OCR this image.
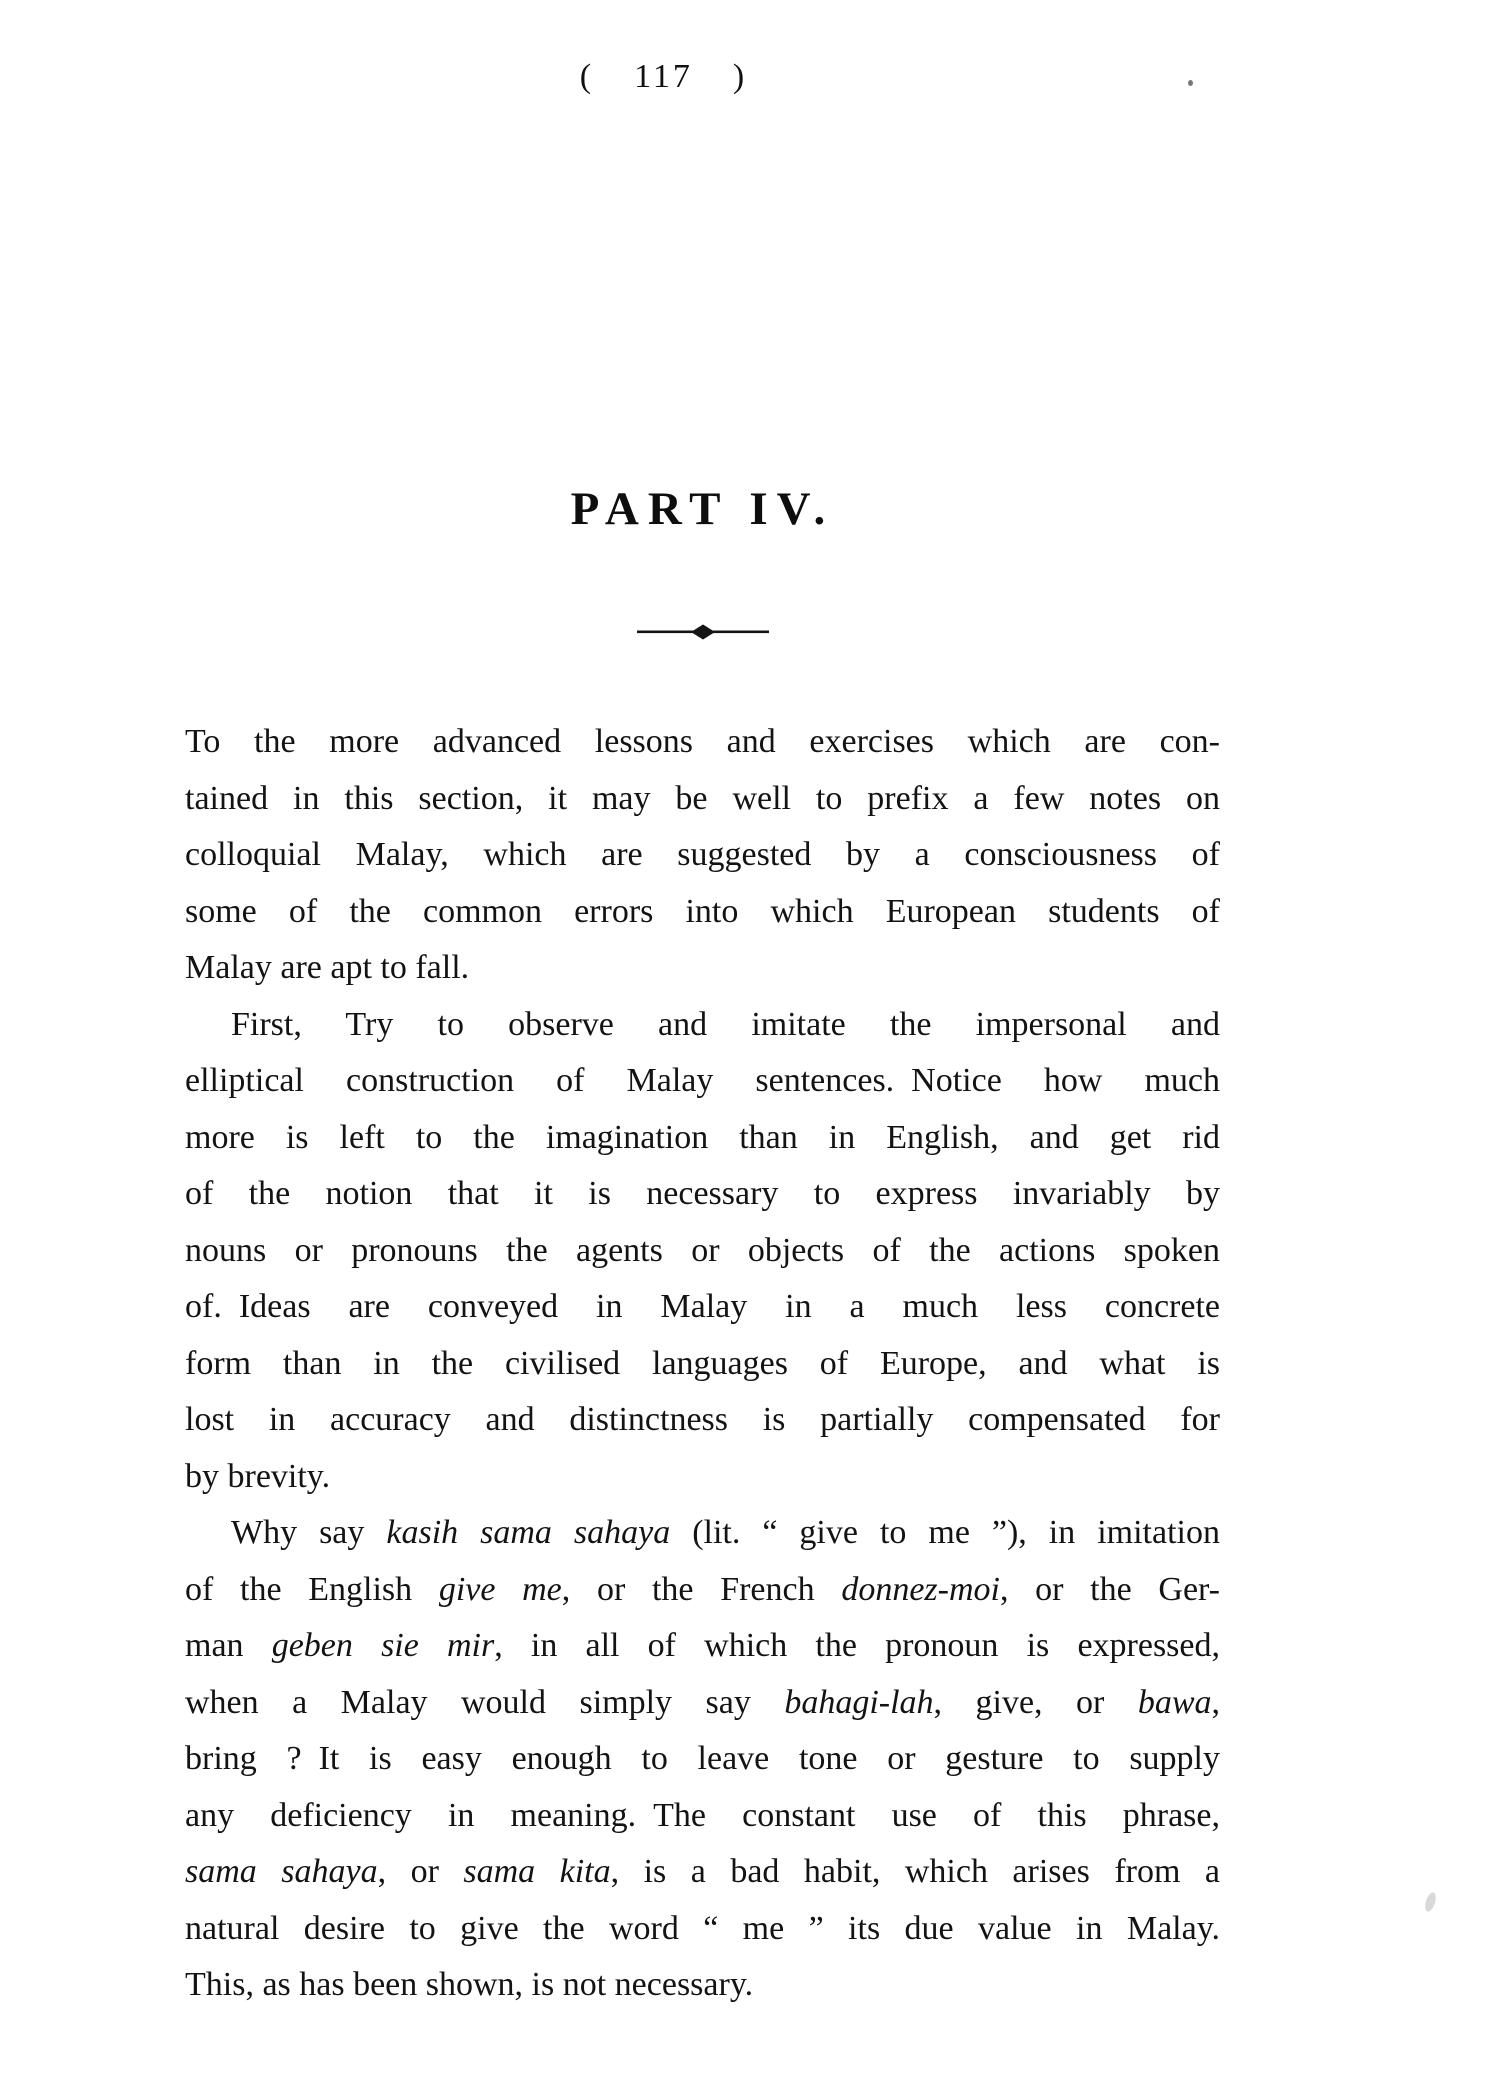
(  117  )
PART IV.
To the more advanced lessons and exercises which are con-
tained in this section, it may be well to prefix a few notes on
colloquial Malay, which are suggested by a consciousness of
some of the common errors into which European students of
Malay are apt to fall.
First, Try to observe and imitate the impersonal and
elliptical construction of Malay sentences. Notice how much
more is left to the imagination than in English, and get rid
of the notion that it is necessary to express invariably by
nouns or pronouns the agents or objects of the actions spoken
of. Ideas are conveyed in Malay in a much less concrete
form than in the civilised languages of Europe, and what is
lost in accuracy and distinctness is partially compensated for
by brevity.
Why say kasih sama sahaya (lit. “ give to me ”), in imitation
of the English give me, or the French donnez-moi, or the Ger-
man geben sie mir, in all of which the pronoun is expressed,
when a Malay would simply say bahagi-lah, give, or bawa,
bring ? It is easy enough to leave tone or gesture to supply
any deficiency in meaning. The constant use of this phrase,
sama sahaya, or sama kita, is a bad habit, which arises from a
natural desire to give the word “ me ” its due value in Malay.
This, as has been shown, is not necessary.
